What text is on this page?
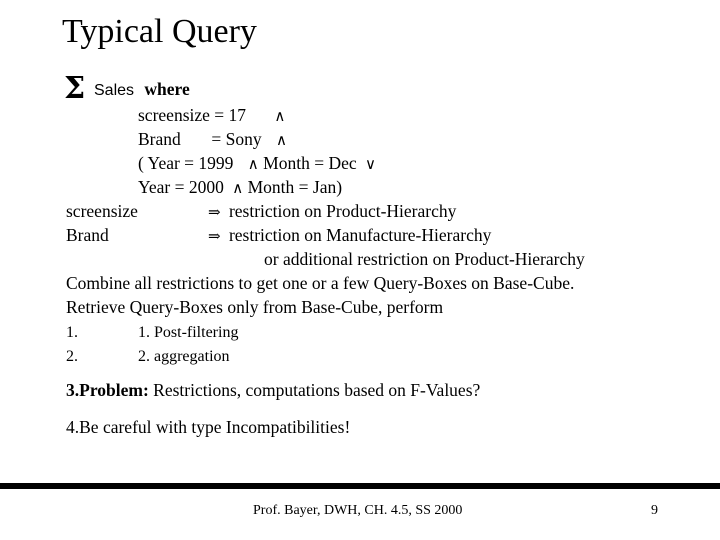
Typical Query
Σ Sales where
screensize = 17 ∧
Brand       = Sony ∧
( Year = 1999 ∧ Month = Dec ∨
Year = 2000 ∧ Month = Jan)
screensize	⇒ restriction on Product-Hierarchy
Brand	⇒ restriction on Manufacture-Hierarchy
or additional restriction on Product-Hierarchy
Combine all restrictions to get one or a few Query-Boxes on Base-Cube.
Retrieve Query-Boxes only from Base-Cube, perform
1.	1. Post-filtering
2.	2. aggregation
3.Problem: Restrictions, computations based on F-Values?
4.Be careful with type Incompatibilities!
Prof. Bayer, DWH, CH. 4.5, SS 2000	9
